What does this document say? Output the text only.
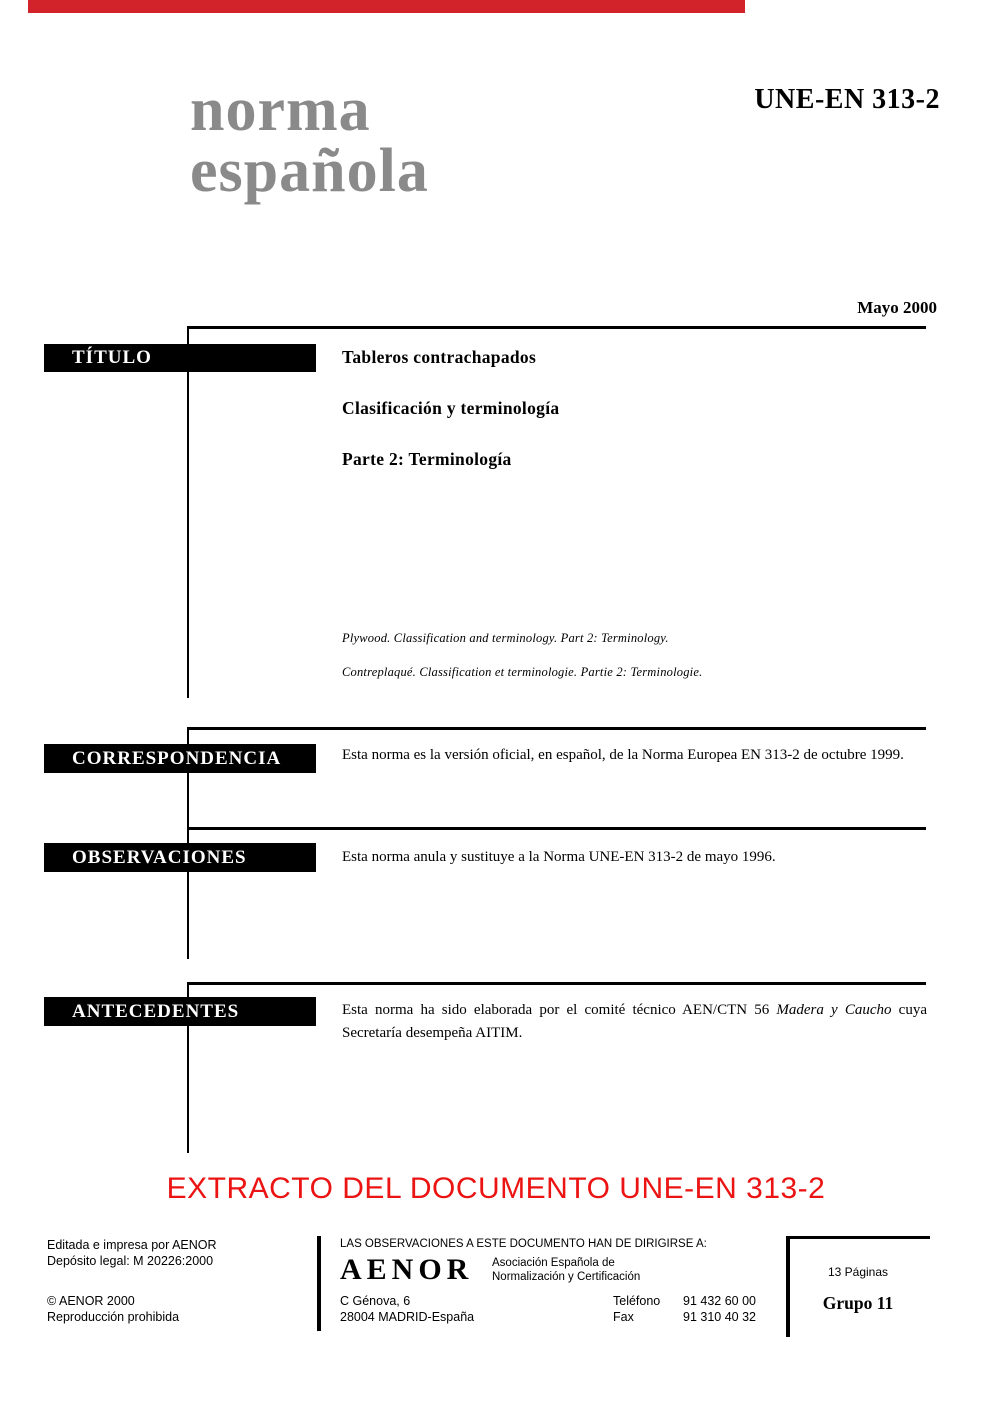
norma
española
UNE-EN 313-2
Mayo 2000
TÍTULO	Tableros contrachapados
Clasificación y terminología
Parte 2: Terminología
Plywood. Classification and terminology. Part 2: Terminology.
Contreplaqué. Classification et terminologie. Partie 2: Terminologie.
CORRESPONDENCIA	Esta norma es la versión oficial, en español, de la Norma Europea EN 313-2 de octubre 1999.
OBSERVACIONES	Esta norma anula y sustituye a la Norma UNE-EN 313-2 de mayo 1996.
ANTECEDENTES	Esta norma ha sido elaborada por el comité técnico AEN/CTN 56 Madera y Caucho cuya Secretaría desempeña AITIM.
EXTRACTO DEL DOCUMENTO UNE-EN 313-2
Editada e impresa por AENOR
Depósito legal: M 20226:2000
© AENOR 2000
Reproducción prohibida
LAS OBSERVACIONES A ESTE DOCUMENTO HAN DE DIRIGIRSE A:
AENOR Asociación Española de
Normalización y Certificación
C Génova, 6
28004 MADRID-España
Teléfono 91 432 60 00
Fax	91 310 40 32
13 Páginas
Grupo 11
